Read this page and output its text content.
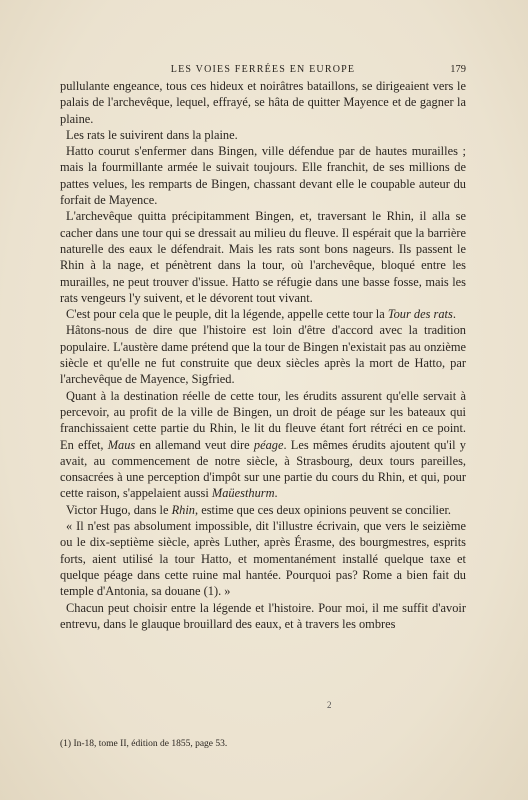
LES VOIES FERRÉES EN EUROPE	179

pullulante engeance, tous ces hideux et noirâtres bataillons, se dirigeaient vers le palais de l'archevêque, lequel, effrayé, se hâta de quitter Mayence et de gagner la plaine.

Les rats le suivirent dans la plaine.

Hatto courut s'enfermer dans Bingen, ville défendue par de hautes murailles ; mais la fourmillante armée le suivait toujours. Elle franchit, de ses millions de pattes velues, les remparts de Bingen, chassant devant elle le coupable auteur du forfait de Mayence.

L'archevêque quitta précipitamment Bingen, et, traversant le Rhin, il alla se cacher dans une tour qui se dressait au milieu du fleuve. Il espérait que la barrière naturelle des eaux le défendrait. Mais les rats sont bons nageurs. Ils passent le Rhin à la nage, et pénètrent dans la tour, où l'archevêque, bloqué entre les murailles, ne peut trouver d'issue. Hatto se réfugie dans une basse fosse, mais les rats vengeurs l'y suivent, et le dévorent tout vivant.

C'est pour cela que le peuple, dit la légende, appelle cette tour la Tour des rats.

Hâtons-nous de dire que l'histoire est loin d'être d'accord avec la tradition populaire. L'austère dame prétend que la tour de Bingen n'existait pas au onzième siècle et qu'elle ne fut construite que deux siècles après la mort de Hatto, par l'archevêque de Mayence, Sigfried.

Quant à la destination réelle de cette tour, les érudits assurent qu'elle servait à percevoir, au profit de la ville de Bingen, un droit de péage sur les bateaux qui franchissaient cette partie du Rhin, le lit du fleuve étant fort rétréci en ce point. En effet, Maus en allemand veut dire péage. Les mêmes érudits ajoutent qu'il y avait, au commencement de notre siècle, à Strasbourg, deux tours pareilles, consacrées à une perception d'impôt sur une partie du cours du Rhin, et qui, pour cette raison, s'appelaient aussi Maüesthurm.

Victor Hugo, dans le Rhin, estime que ces deux opinions peuvent se concilier.

« Il n'est pas absolument impossible, dit l'illustre écrivain, que vers le seizième ou le dix-septième siècle, après Luther, après Érasme, des bourgmestres, esprits forts, aient utilisé la tour Hatto, et momentanément installé quelque taxe et quelque péage dans cette ruine mal hantée. Pourquoi pas? Rome a bien fait du temple d'Antonia, sa douane (1). »

Chacun peut choisir entre la légende et l'histoire. Pour moi, il me suffit d'avoir entrevu, dans le glauque brouillard des eaux, et à travers les ombres

2
(1) In-18, tome II, édition de 1855, page 53.
